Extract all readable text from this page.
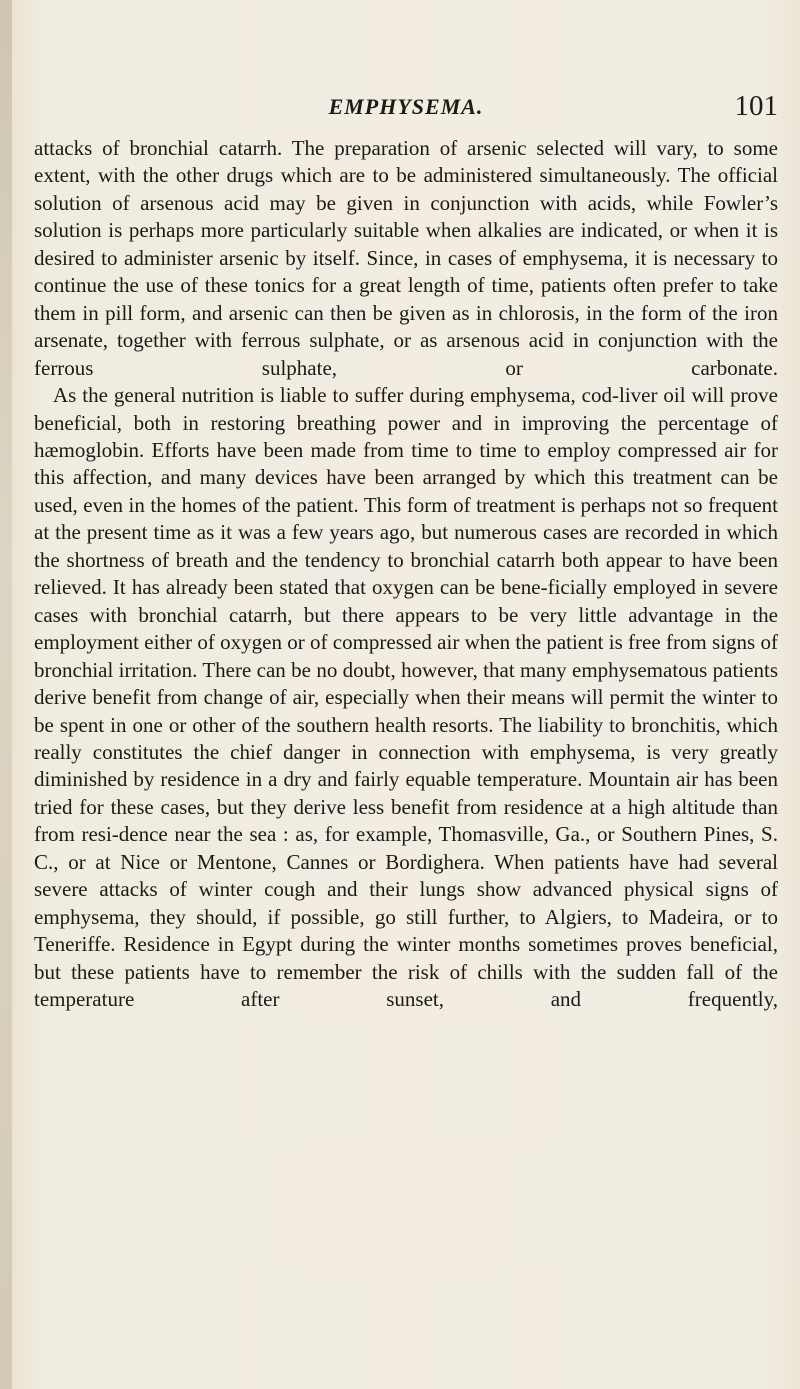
EMPHYSEMA.	101

attacks of bronchial catarrh. The preparation of arsenic selected will vary, to some extent, with the other drugs which are to be administered simultaneously. The official solution of arsenous acid may be given in conjunction with acids, while Fowler’s solution is perhaps more particularly suitable when alkalies are indicated, or when it is desired to administer arsenic by itself. Since, in cases of emphysema, it is necessary to continue the use of these tonics for a great length of time, patients often prefer to take them in pill form, and arsenic can then be given as in chlorosis, in the form of the iron arsenate, together with ferrous sulphate, or as arsenous acid in conjunction with the ferrous sulphate, or carbonate.

As the general nutrition is liable to suffer during emphysema, cod-liver oil will prove beneficial, both in restoring breathing power and in improving the percentage of hæmoglobin. Efforts have been made from time to time to employ compressed air for this affection, and many devices have been arranged by which this treatment can be used, even in the homes of the patient. This form of treatment is perhaps not so frequent at the present time as it was a few years ago, but numerous cases are recorded in which the shortness of breath and the tendency to bronchial catarrh both appear to have been relieved. It has already been stated that oxygen can be bene-ficially employed in severe cases with bronchial catarrh, but there appears to be very little advantage in the employment either of oxygen or of compressed air when the patient is free from signs of bronchial irritation. There can be no doubt, however, that many emphysematous patients derive benefit from change of air, especially when their means will permit the winter to be spent in one or other of the southern health resorts. The liability to bronchitis, which really constitutes the chief danger in connection with emphysema, is very greatly diminished by residence in a dry and fairly equable temperature. Mountain air has been tried for these cases, but they derive less benefit from residence at a high altitude than from resi-dence near the sea : as, for example, Thomasville, Ga., or Southern Pines, S. C., or at Nice or Mentone, Cannes or Bordighera. When patients have had several severe attacks of winter cough and their lungs show advanced physical signs of emphysema, they should, if possible, go still further, to Algiers, to Madeira, or to Teneriffe. Residence in Egypt during the winter months sometimes proves beneficial, but these patients have to remember the risk of chills with the sudden fall of the temperature after sunset, and frequently,
